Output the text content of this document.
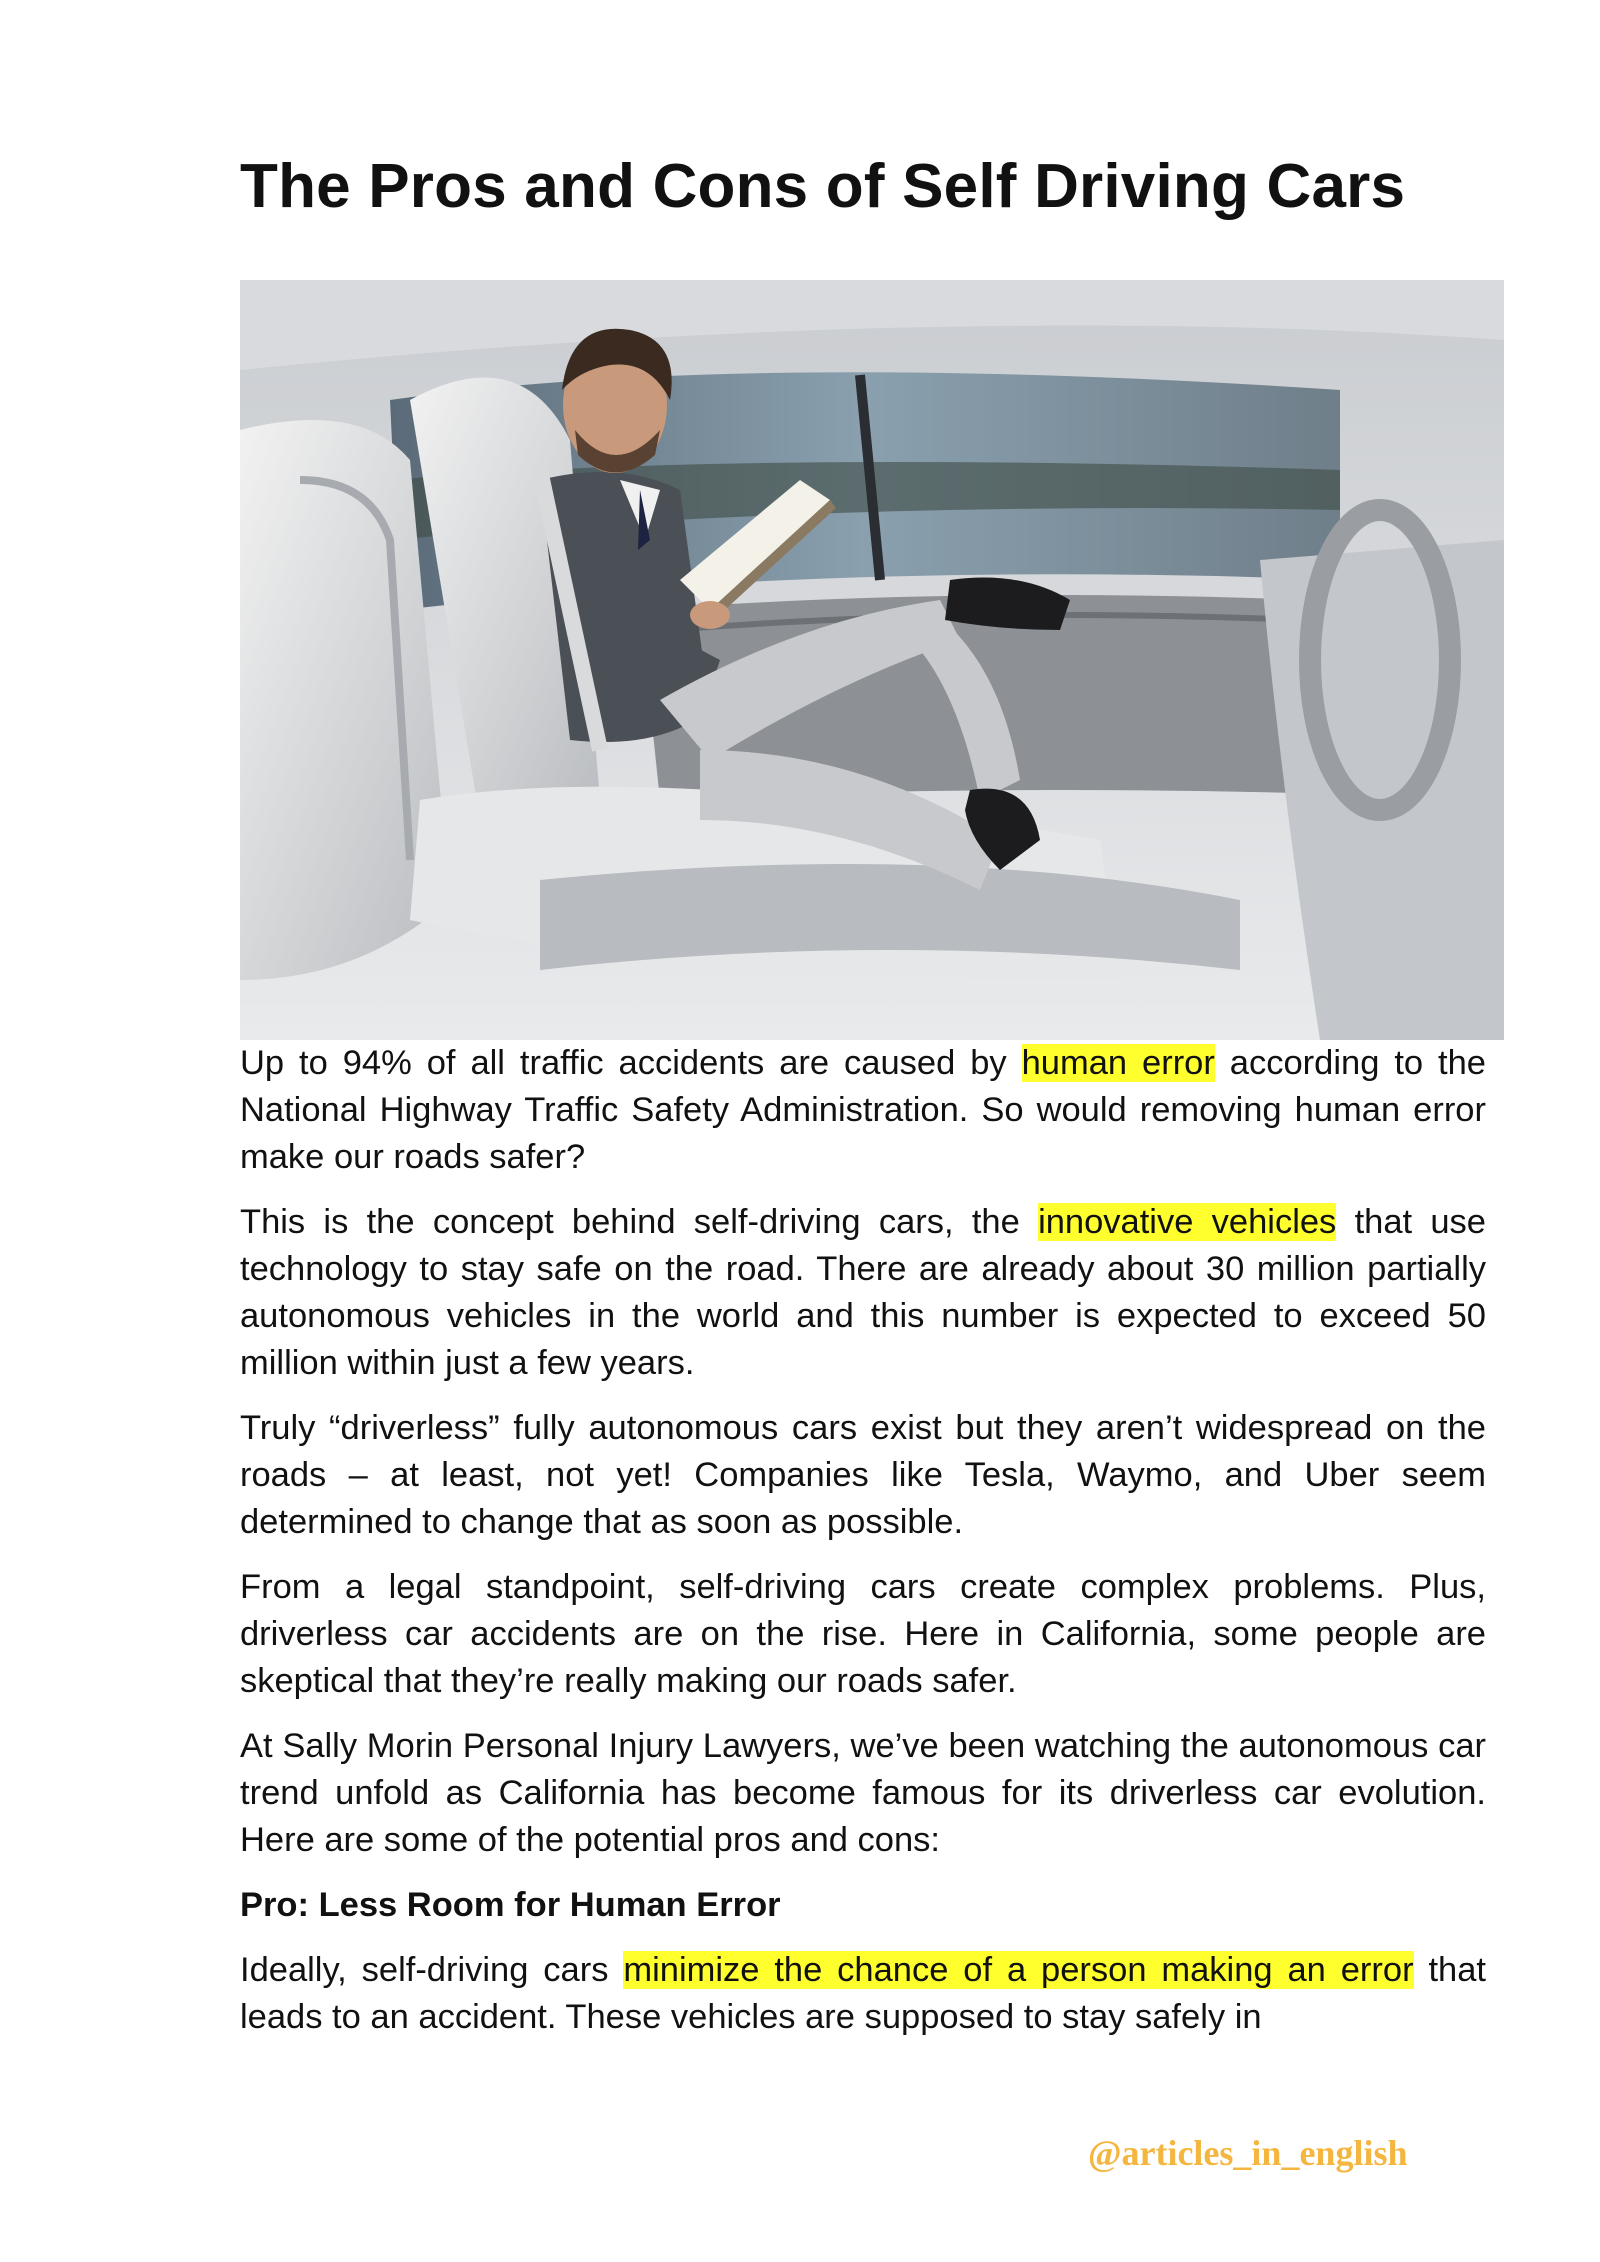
The Pros and Cons of Self Driving Cars

Up to 94% of all traffic accidents are caused by human error according to the National Highway Traffic Safety Administration. So would removing human error make our roads safer?

This is the concept behind self-driving cars, the innovative vehicles that use technology to stay safe on the road. There are already about 30 million partially autonomous vehicles in the world and this number is expected to exceed 50 million within just a few years.

Truly “driverless” fully autonomous cars exist but they aren’t widespread on the roads – at least, not yet! Companies like Tesla, Waymo, and Uber seem determined to change that as soon as possible.

From a legal standpoint, self-driving cars create complex problems. Plus, driverless car accidents are on the rise. Here in California, some people are skeptical that they’re really making our roads safer.

At Sally Morin Personal Injury Lawyers, we’ve been watching the autonomous car trend unfold as California has become famous for its driverless car evolution. Here are some of the potential pros and cons:

Pro: Less Room for Human Error

Ideally, self-driving cars minimize the chance of a person making an error that leads to an accident. These vehicles are supposed to stay safely in

@articles_in_english
